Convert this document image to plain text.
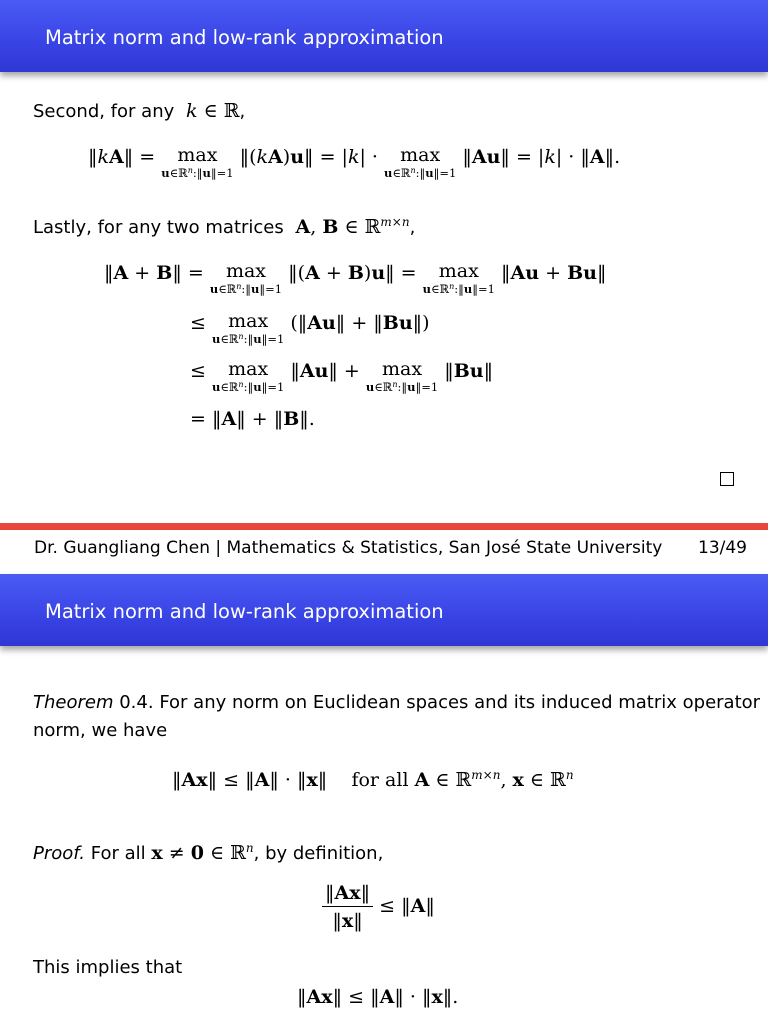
Matrix norm and low-rank approximation
Second, for any  k ∈ ℝ,
‖kA‖ = max
u∈ℝ$^n$:‖u‖=1
‖(kA)u‖ = |k| · max
u∈ℝ$^n$:‖u‖=1
‖Au‖ = |k| · ‖A‖.
Lastly, for any two matrices A, B ∈ ℝ$^{m\times n}$,
‖A + B‖ = max
u∈ℝ$^n$:‖u‖=1
‖(A + B)u‖ = max
u∈ℝ$^n$:‖u‖=1
‖Au + Bu‖
≤ max
u∈ℝ$^n$:‖u‖=1
(‖Au‖ + ‖Bu‖)
≤ max
u∈ℝ$^n$:‖u‖=1
‖Au‖ + max
u∈ℝ$^n$:‖u‖=1
‖Bu‖
= ‖A‖ + ‖B‖.
Dr. Guangliang Chen | Mathematics & Statistics, San José State University 13/49
Matrix norm and low-rank approximation
Theorem 0.4. For any norm on Euclidean spaces and its induced matrix operator
norm, we have
‖Ax‖ ≤ ‖A‖ · ‖x‖    for all A ∈ ℝ$^{m\times n}$, x ∈ ℝ$^n$
Proof. For all x ≠ 0 ∈ ℝ$^n$, by definition,
$\frac{‖Ax‖}{‖x‖}$ ≤ ‖A‖
This implies that
‖Ax‖ ≤ ‖A‖ · ‖x‖.
